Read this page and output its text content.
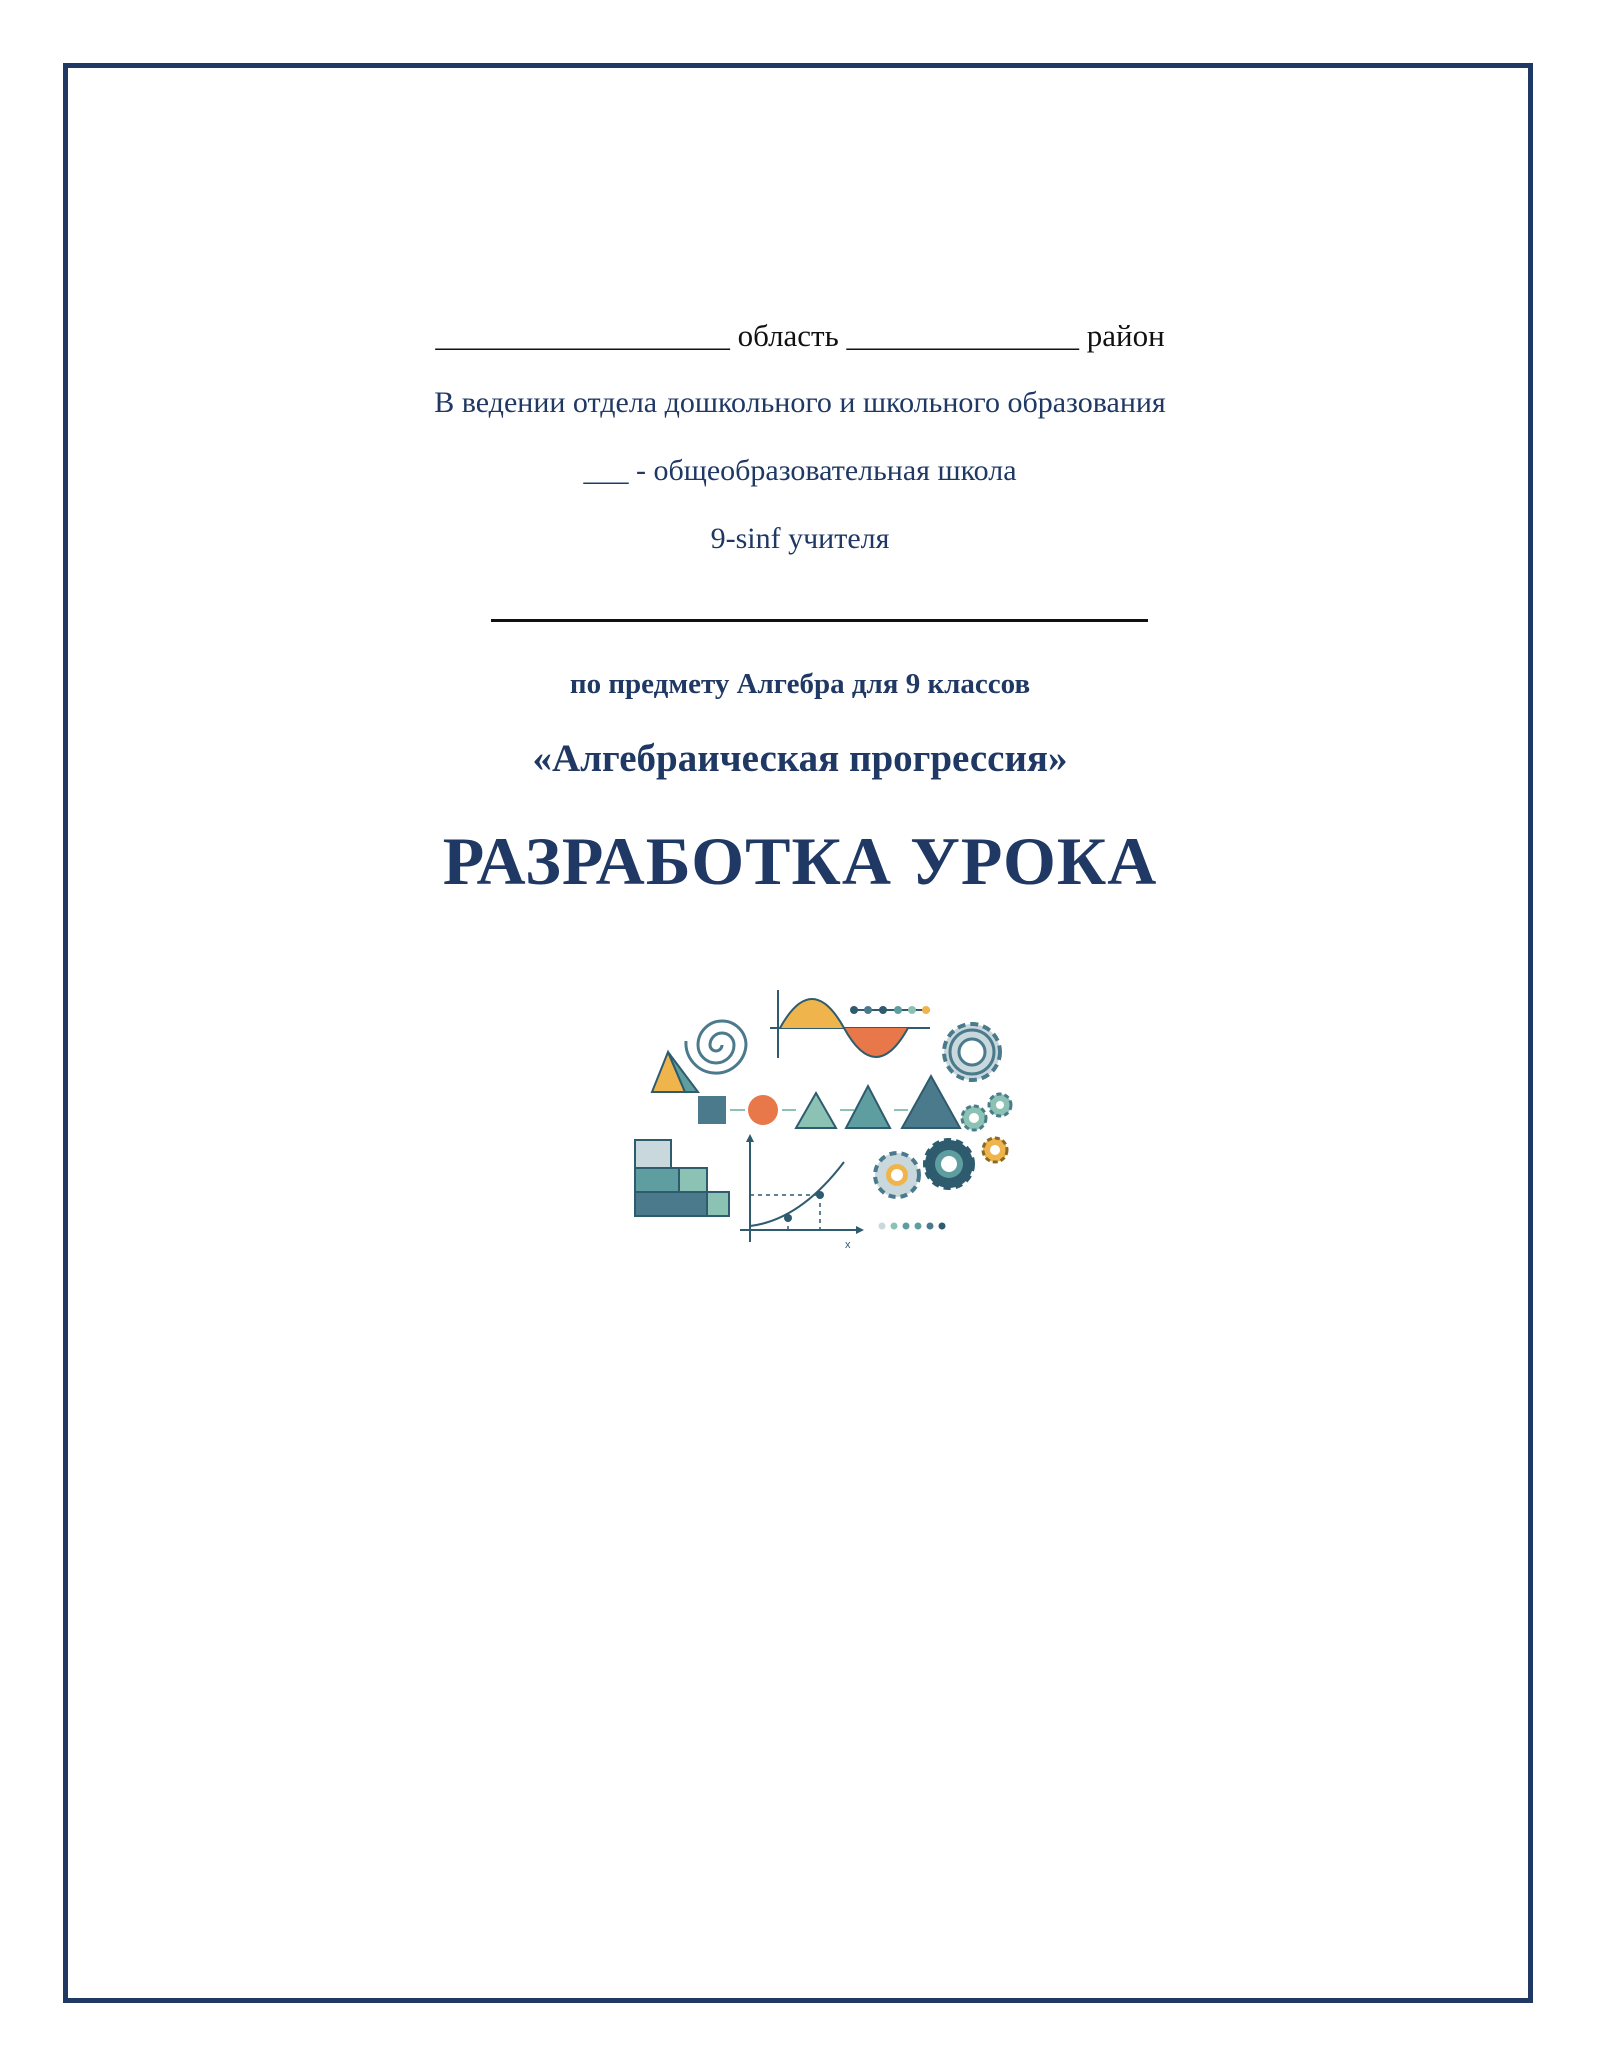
___________________ область _______________ район
В ведении отдела дошкольного и школьного образования
___ - общеобразовательная школа
9-sinf учителя
по предмету Алгебра для 9 классов
«Алгебраическая прогрессия»
РАЗРАБОТКА УРОКА
x
